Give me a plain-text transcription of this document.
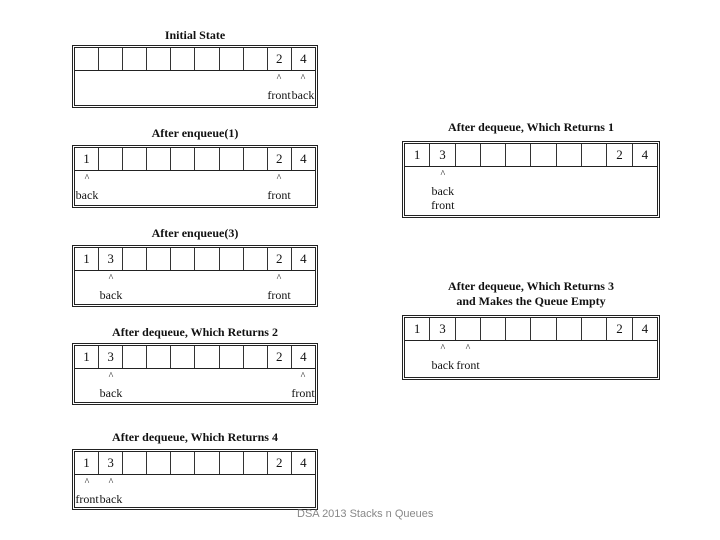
Initial State
2	4
^
front
^
back
After enqueue(1)
1	2	4
^
back
^
front
After enqueue(3)
1	3	2	4
^
back
^
front
After dequeue, Which Returns 2
1	3	2	4
^
back
^
front
After dequeue, Which Returns 4
1	3	2	4
^
front
^
back
After dequeue, Which Returns 1
1	3	2	4
^
back
front
After dequeue, Which Returns 3
and Makes the Queue Empty
1	3	2	4
^
back
^
front
DSA 2013 Stacks n Queues
